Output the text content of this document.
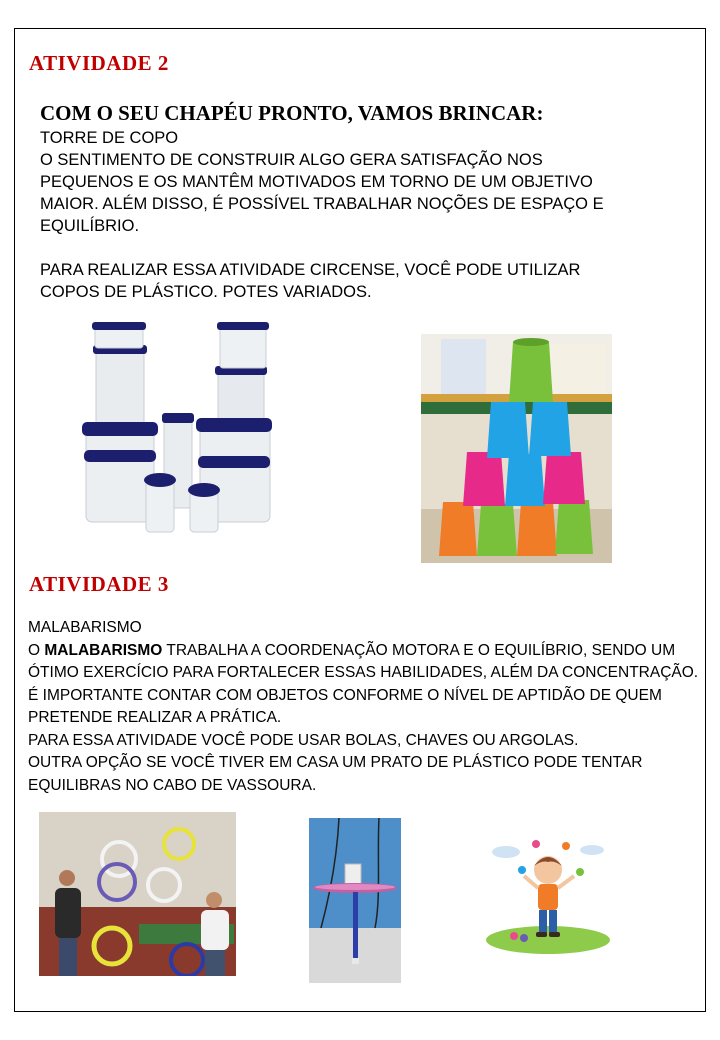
ATIVIDADE 2
COM O SEU CHAPÉU PRONTO, VAMOS BRINCAR:
TORRE DE COPO
O SENTIMENTO DE CONSTRUIR ALGO GERA SATISFAÇÃO NOS
PEQUENOS E OS MANTÊM MOTIVADOS EM TORNO DE UM OBJETIVO
MAIOR. ALÉM DISSO, É POSSÍVEL TRABALHAR NOÇÕES DE ESPAÇO E
EQUILÍBRIO.
PARA REALIZAR ESSA ATIVIDADE CIRCENSE, VOCÊ PODE UTILIZAR
COPOS DE PLÁSTICO. POTES VARIADOS.
ATIVIDADE 3
MALABARISMO
O MALABARISMO TRABALHA A COORDENAÇÃO MOTORA E O EQUILÍBRIO, SENDO UM
ÓTIMO EXERCÍCIO PARA FORTALECER ESSAS HABILIDADES, ALÉM DA CONCENTRAÇÃO.
É IMPORTANTE CONTAR COM OBJETOS CONFORME O NÍVEL DE APTIDÃO DE QUEM
PRETENDE REALIZAR A PRÁTICA.
PARA ESSA ATIVIDADE VOCÊ PODE USAR BOLAS, CHAVES OU ARGOLAS.
OUTRA OPÇÃO SE VOCÊ TIVER EM CASA UM PRATO DE PLÁSTICO PODE TENTAR
EQUILIBRAS NO CABO DE VASSOURA.
